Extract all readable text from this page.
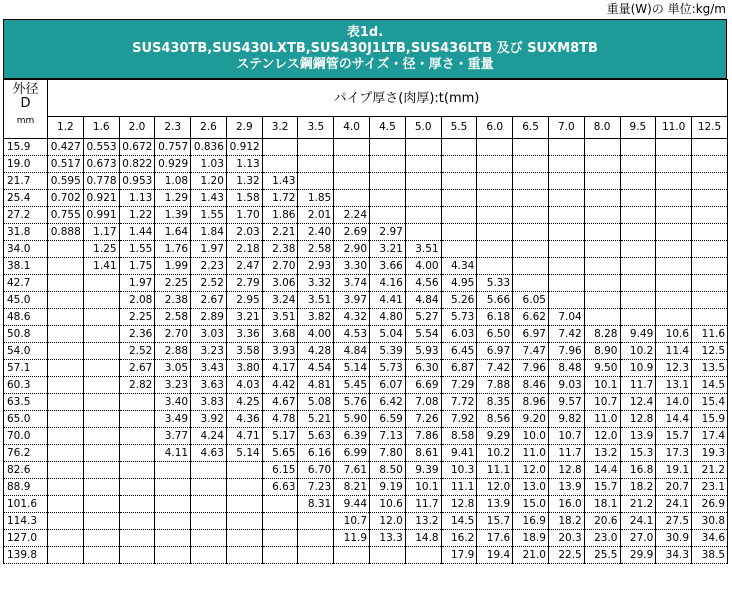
重量(W)の 単位:kg/m
表1d.
SUS430TB,SUS430LXTB,SUS430J1LTB,SUS436LTB 及び SUXM8TB
ステンレス鋼鋼管のサイズ・径・厚さ・重量
外径
D
mm	パイプ厚さ(肉厚):t(mm)																		
	1.2	1.6	2.0	2.3	2.6	2.9	3.2	3.5	4.0	4.5	5.0	5.5	6.0	6.5	7.0	8.0	9.5	11.0	12.5
15.9	0.427	0.553	0.672	0.757	0.836	0.912													
19.0	0.517	0.673	0.822	0.929	1.03	1.13													
21.7	0.595	0.778	0.953	1.08	1.20	1.32	1.43												
25.4	0.702	0.921	1.13	1.29	1.43	1.58	1.72	1.85											
27.2	0.755	0.991	1.22	1.39	1.55	1.70	1.86	2.01	2.24										
31.8	0.888	1.17	1.44	1.64	1.84	2.03	2.21	2.40	2.69	2.97									
34.0		1.25	1.55	1.76	1.97	2.18	2.38	2.58	2.90	3.21	3.51								
38.1		1.41	1.75	1.99	2.23	2.47	2.70	2.93	3.30	3.66	4.00	4.34							
42.7			1.97	2.25	2.52	2.79	3.06	3.32	3.74	4.16	4.56	4.95	5.33						
45.0			2.08	2.38	2.67	2.95	3.24	3.51	3.97	4.41	4.84	5.26	5.66	6.05					
48.6			2.25	2.58	2.89	3.21	3.51	3.82	4.32	4.80	5.27	5.73	6.18	6.62	7.04				
50.8			2.36	2.70	3.03	3.36	3.68	4.00	4.53	5.04	5.54	6.03	6.50	6.97	7.42	8.28	9.49	10.6	11.6
54.0			2.52	2.88	3.23	3.58	3.93	4.28	4.84	5.39	5.93	6.45	6.97	7.47	7.96	8.90	10.2	11.4	12.5
57.1			2.67	3.05	3.43	3.80	4.17	4.54	5.14	5.73	6.30	6.87	7.42	7.96	8.48	9.50	10.9	12.3	13.5
60.3			2.82	3.23	3.63	4.03	4.42	4.81	5.45	6.07	6.69	7.29	7.88	8.46	9.03	10.1	11.7	13.1	14.5
63.5				3.40	3.83	4.25	4.67	5.08	5.76	6.42	7.08	7.72	8.35	8.96	9.57	10.7	12.4	14.0	15.4
65.0				3.49	3.92	4.36	4.78	5.21	5.90	6.59	7.26	7.92	8.56	9.20	9.82	11.0	12.8	14.4	15.9
70.0				3.77	4.24	4.71	5.17	5.63	6.39	7.13	7.86	8.58	9.29	10.0	10.7	12.0	13.9	15.7	17.4
76.2				4.11	4.63	5.14	5.65	6.16	6.99	7.80	8.61	9.41	10.2	11.0	11.7	13.2	15.3	17.3	19.3
82.6							6.15	6.70	7.61	8.50	9.39	10.3	11.1	12.0	12.8	14.4	16.8	19.1	21.2
88.9							6.63	7.23	8.21	9.19	10.1	11.1	12.0	13.0	13.9	15.7	18.2	20.7	23.1
101.6								8.31	9.44	10.6	11.7	12.8	13.9	15.0	16.0	18.1	21.2	24.1	26.9
114.3									10.7	12.0	13.2	14.5	15.7	16.9	18.2	20.6	24.1	27.5	30.8
127.0									11.9	13.3	14.8	16.2	17.6	18.9	20.3	23.0	27.0	30.9	34.6
139.8												17.9	19.4	21.0	22.5	25.5	29.9	34.3	38.5
